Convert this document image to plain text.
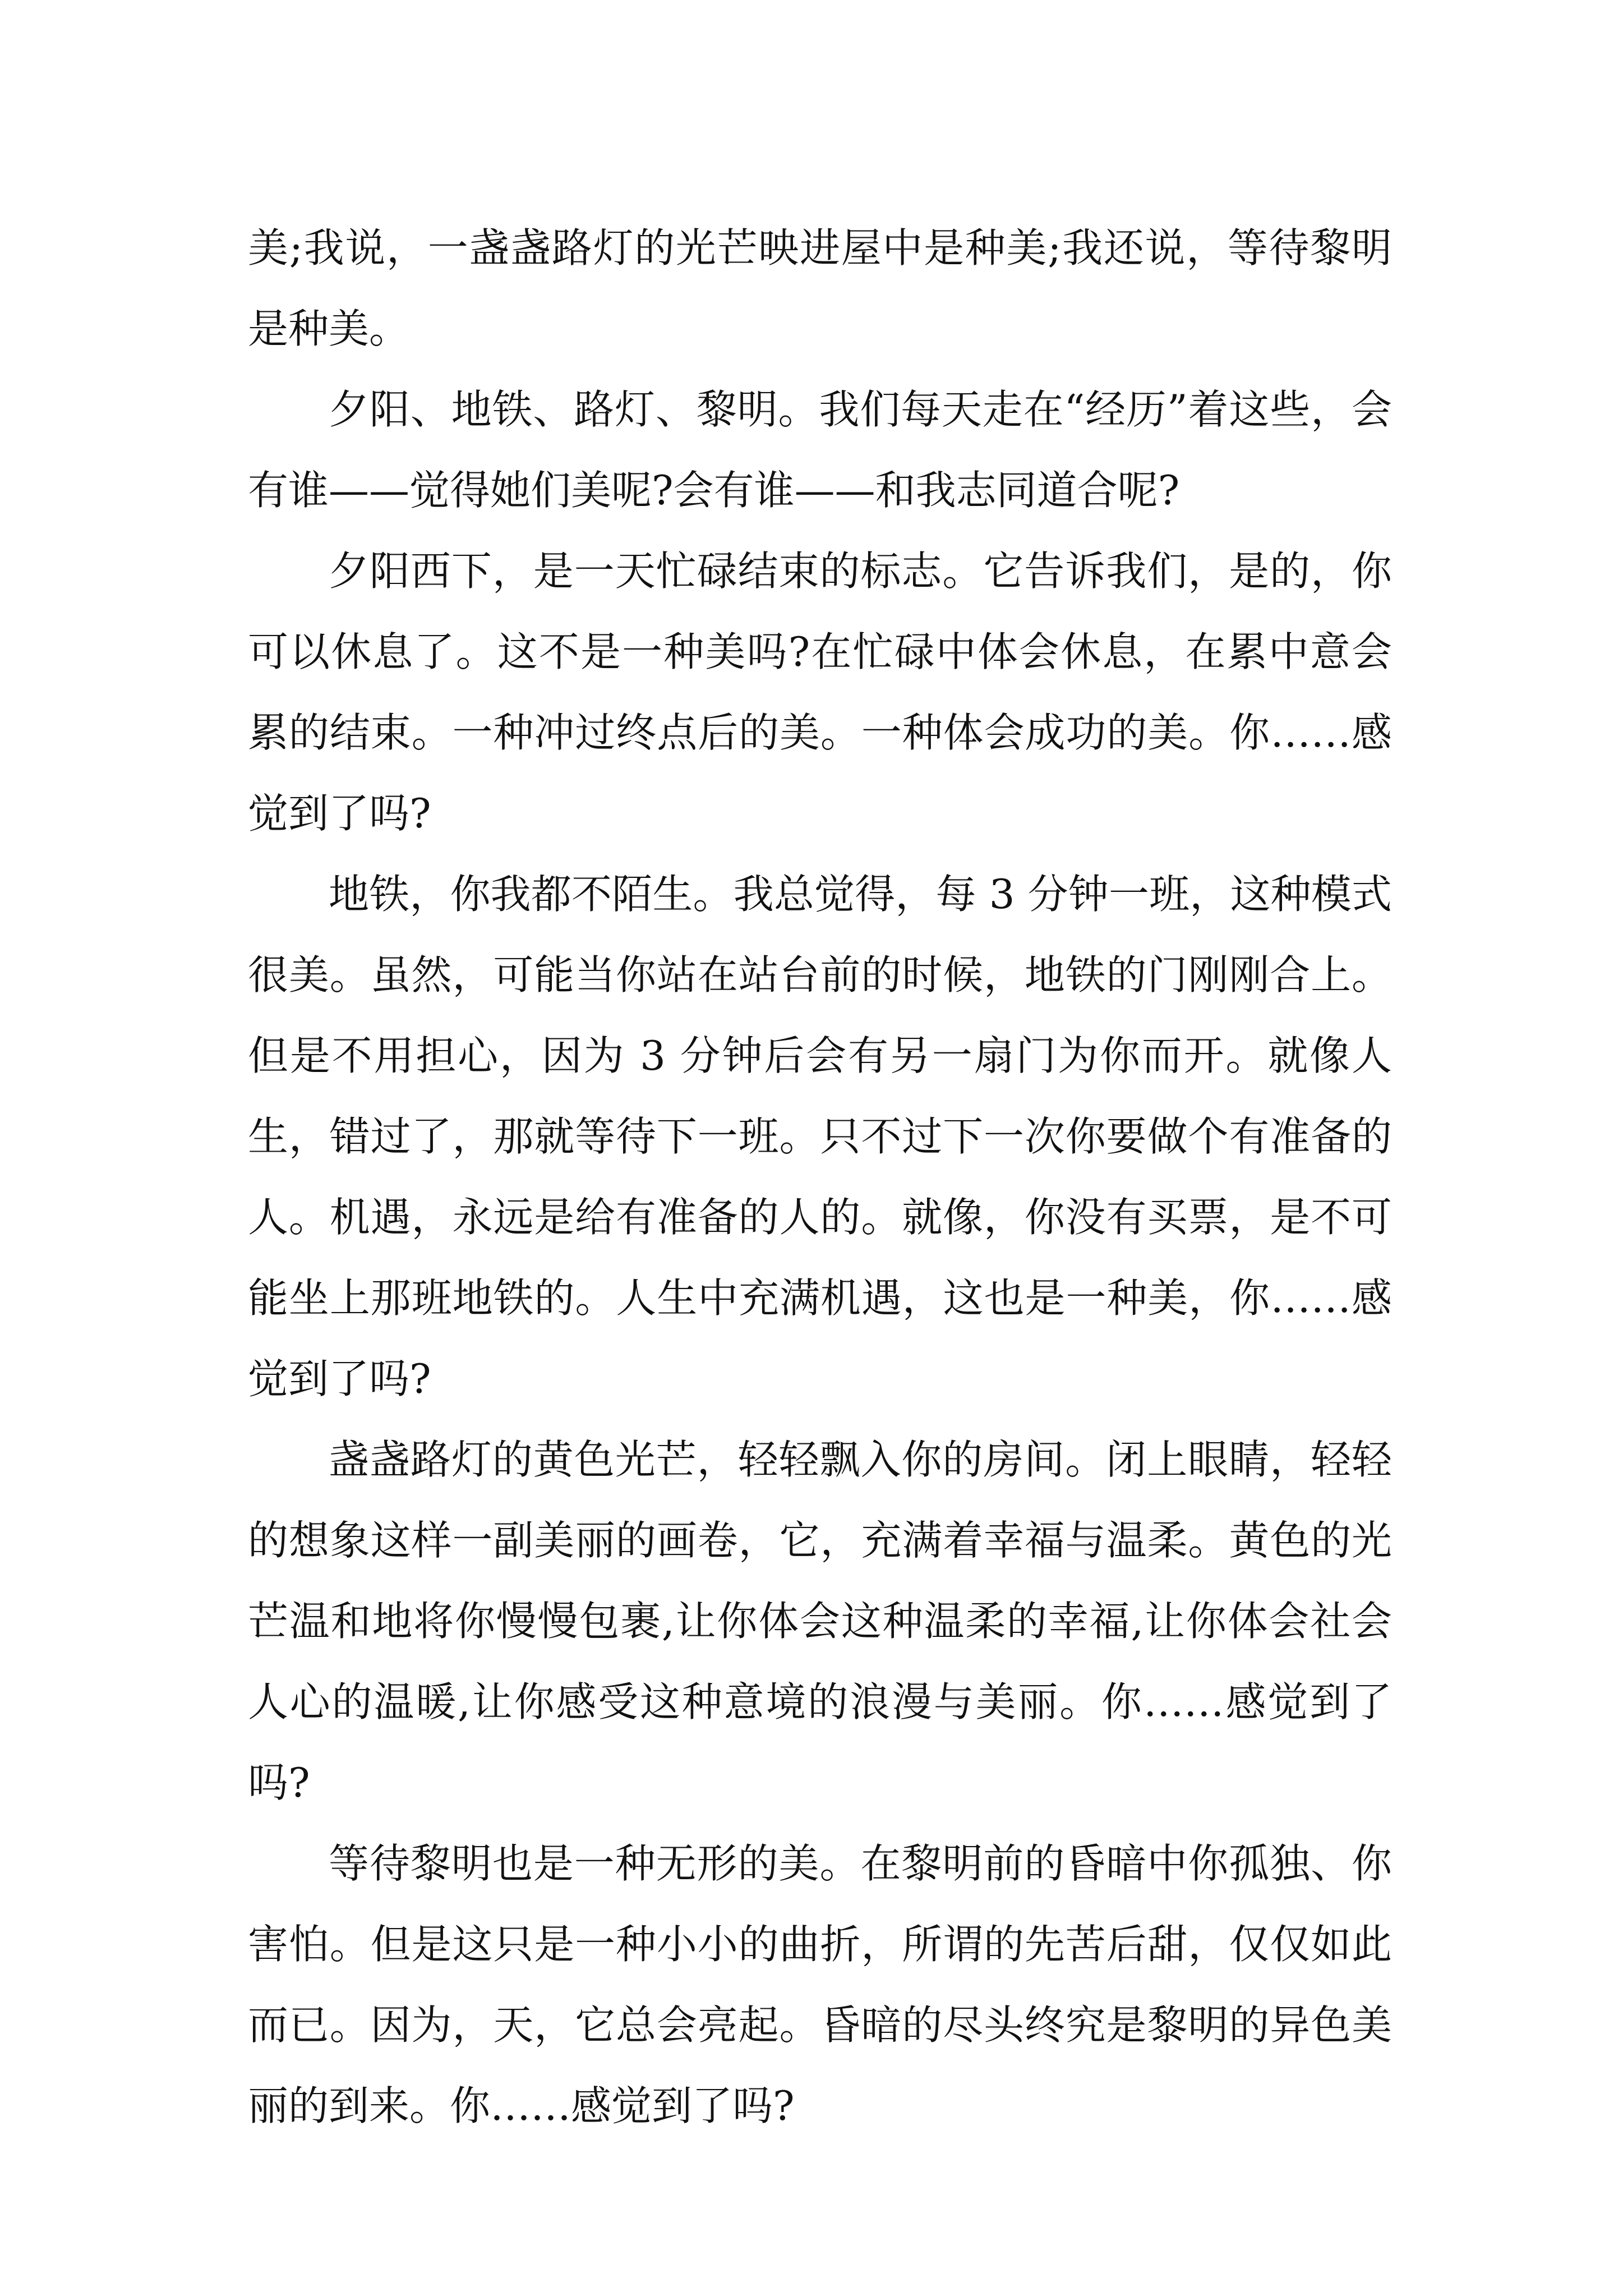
美;我说，一盏盏路灯的光芒映进屋中是种美;我还说，等待黎明是种美。

夕阳、地铁、路灯、黎明。我们每天走在“经历”着这些，会有谁——觉得她们美呢?会有谁——和我志同道合呢?

夕阳西下，是一天忙碌结束的标志。它告诉我们，是的，你可以休息了。这不是一种美吗?在忙碌中体会休息，在累中意会累的结束。一种冲过终点后的美。一种体会成功的美。你……感觉到了吗?

地铁，你我都不陌生。我总觉得，每 3 分钟一班，这种模式很美。虽然，可能当你站在站台前的时候，地铁的门刚刚合上。但是不用担心，因为 3 分钟后会有另一扇门为你而开。就像人生，错过了，那就等待下一班。只不过下一次你要做个有准备的人。机遇，永远是给有准备的人的。就像，你没有买票，是不可能坐上那班地铁的。人生中充满机遇，这也是一种美，你……感觉到了吗?

盏盏路灯的黄色光芒，轻轻飘入你的房间。闭上眼睛，轻轻的想象这样一副美丽的画卷，它，充满着幸福与温柔。黄色的光芒温和地将你慢慢包裹,让你体会这种温柔的幸福,让你体会社会人心的温暖,让你感受这种意境的浪漫与美丽。你……感觉到了吗?

等待黎明也是一种无形的美。在黎明前的昏暗中你孤独、你害怕。但是这只是一种小小的曲折，所谓的先苦后甜，仅仅如此而已。因为，天，它总会亮起。昏暗的尽头终究是黎明的异色美丽的到来。你……感觉到了吗?
